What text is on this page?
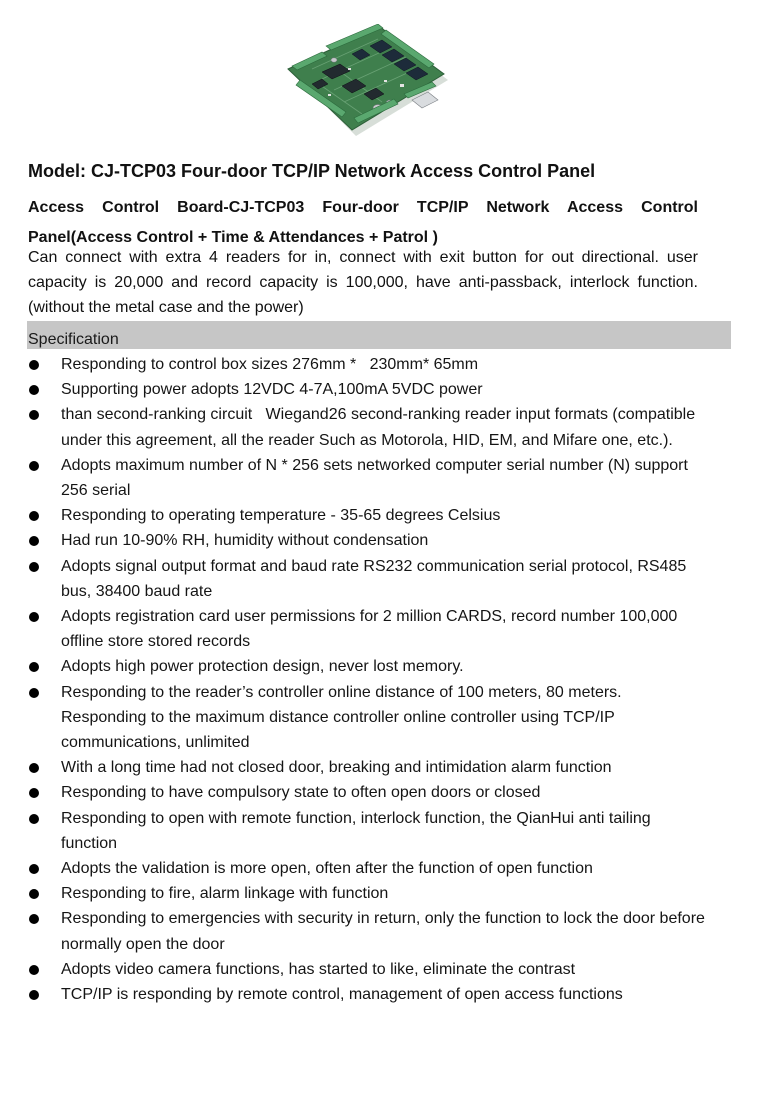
Model: CJ-TCP03 Four-door TCP/IP Network Access Control Panel
Access Control Board-CJ-TCP03 Four-door TCP/IP Network Access Control Panel(Access Control + Time & Attendances + Patrol )
Can connect with extra 4 readers for in, connect with exit button for out directional. user capacity is 20,000 and record capacity is 100,000, have anti-passback, interlock function.(without the metal case and the power)
Specification
Responding to control box sizes 276mm *   230mm* 65mm
Supporting power adopts 12VDC 4-7A,100mA 5VDC power
than second-ranking circuit   Wiegand26 second-ranking reader input formats (compatible under this agreement, all the reader Such as Motorola, HID, EM, and Mifare one, etc.).
Adopts maximum number of N * 256 sets networked computer serial number (N) support 256 serial
Responding to operating temperature - 35-65 degrees Celsius
Had run 10-90% RH, humidity without condensation
Adopts signal output format and baud rate RS232 communication serial protocol, RS485 bus, 38400 baud rate
Adopts registration card user permissions for 2 million CARDS, record number 100,000 offline store stored records
Adopts high power protection design, never lost memory.
Responding to the reader’s controller online distance of 100 meters, 80 meters. Responding to the maximum distance controller online controller using TCP/IP communications, unlimited
With a long time had not closed door, breaking and intimidation alarm function
Responding to have compulsory state to often open doors or closed
Responding to open with remote function, interlock function, the QianHui anti tailing function
Adopts the validation is more open, often after the function of open function
Responding to fire, alarm linkage with function
Responding to emergencies with security in return, only the function to lock the door before normally open the door
Adopts video camera functions, has started to like, eliminate the contrast
TCP/IP is responding by remote control, management of open access functions
